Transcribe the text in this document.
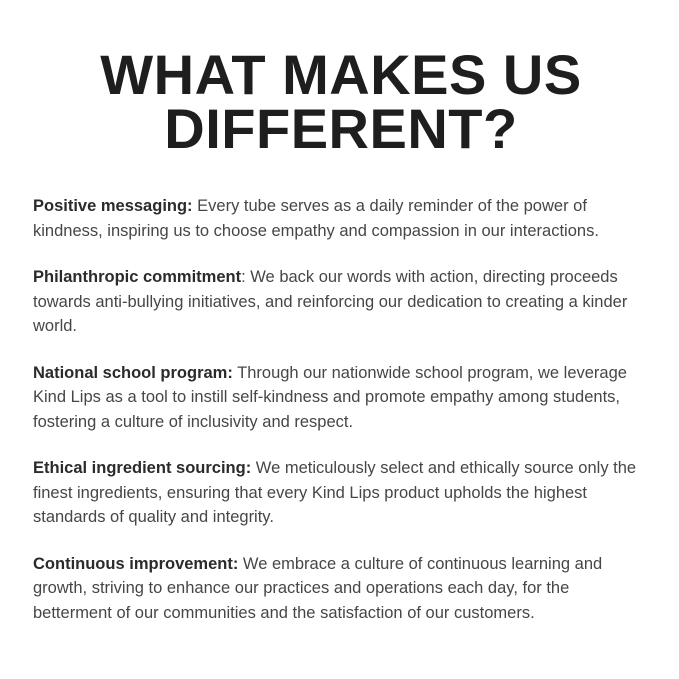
WHAT MAKES US
DIFFERENT?

Positive messaging: Every tube serves as a daily reminder of the power of kindness, inspiring us to choose empathy and compassion in our interactions.

Philanthropic commitment: We back our words with action, directing proceeds towards anti-bullying initiatives, and reinforcing our dedication to creating a kinder world.

National school program: Through our nationwide school program, we leverage Kind Lips as a tool to instill self-kindness and promote empathy among students, fostering a culture of inclusivity and respect.

Ethical ingredient sourcing: We meticulously select and ethically source only the finest ingredients, ensuring that every Kind Lips product upholds the highest standards of quality and integrity.

Continuous improvement: We embrace a culture of continuous learning and growth, striving to enhance our practices and operations each day, for the betterment of our communities and the satisfaction of our customers.
